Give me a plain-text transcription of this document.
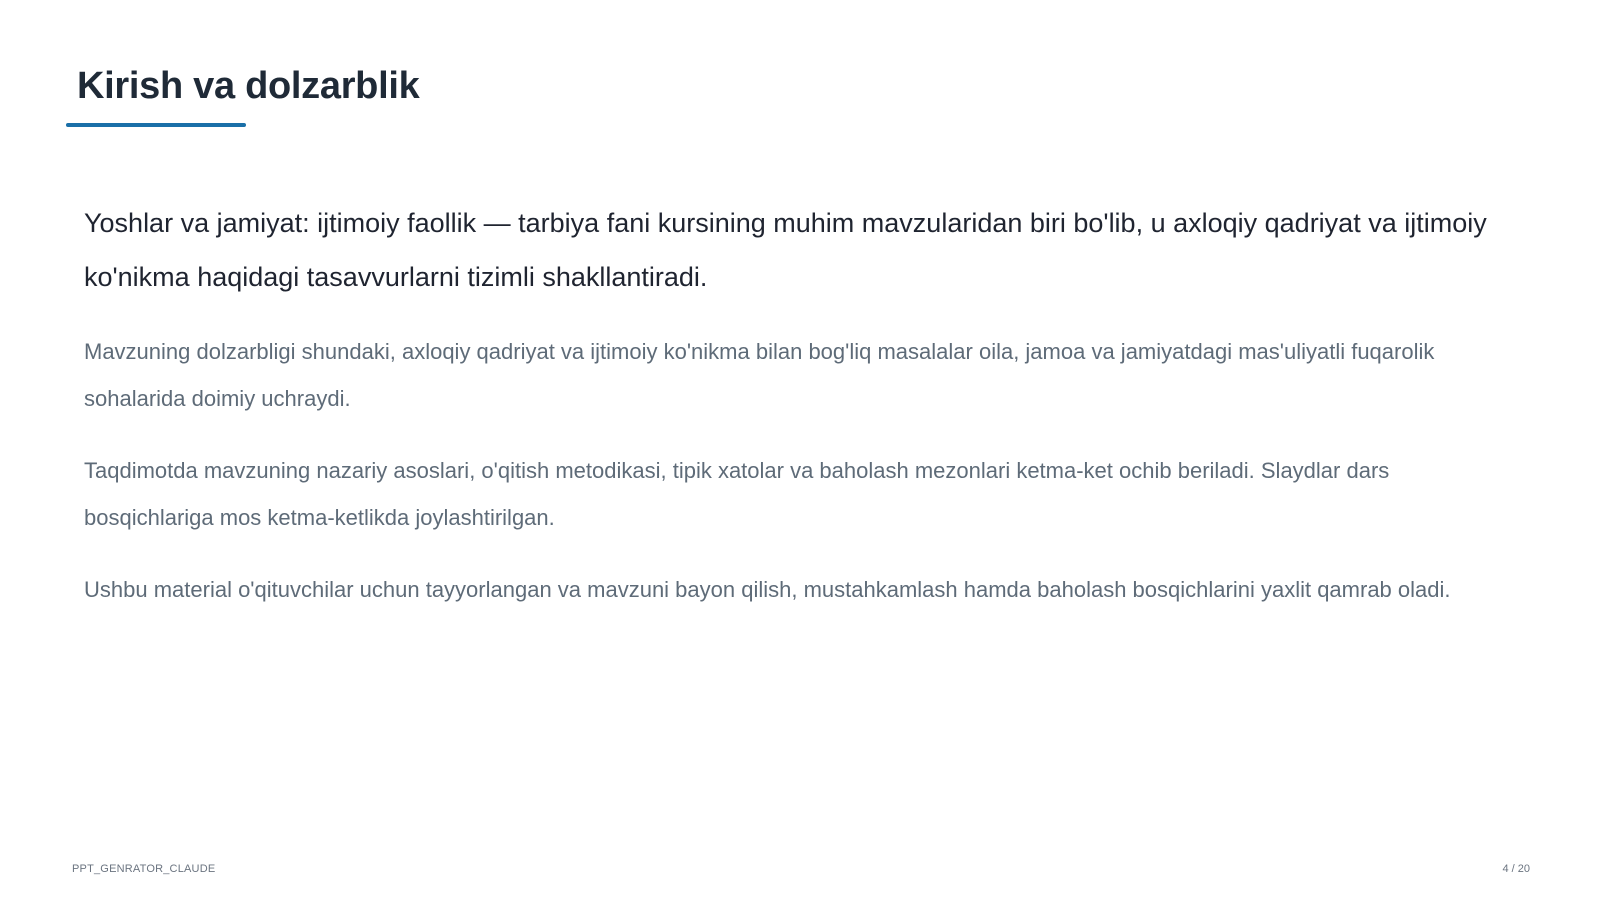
Kirish va dolzarblik

Yoshlar va jamiyat: ijtimoiy faollik — tarbiya fani kursining muhim mavzularidan biri bo'lib, u axloqiy qadriyat va ijtimoiy ko'nikma haqidagi tasavvurlarni tizimli shakllantiradi.

Mavzuning dolzarbligi shundaki, axloqiy qadriyat va ijtimoiy ko'nikma bilan bog'liq masalalar oila, jamoa va jamiyatdagi mas'uliyatli fuqarolik sohalarida doimiy uchraydi.

Taqdimotda mavzuning nazariy asoslari, o'qitish metodikasi, tipik xatolar va baholash mezonlari ketma-ket ochib beriladi. Slaydlar dars bosqichlariga mos ketma-ketlikda joylashtirilgan.

Ushbu material o'qituvchilar uchun tayyorlangan va mavzuni bayon qilish, mustahkamlash hamda baholash bosqichlarini yaxlit qamrab oladi.

PPT_GENRATOR_CLAUDE	4 / 20
